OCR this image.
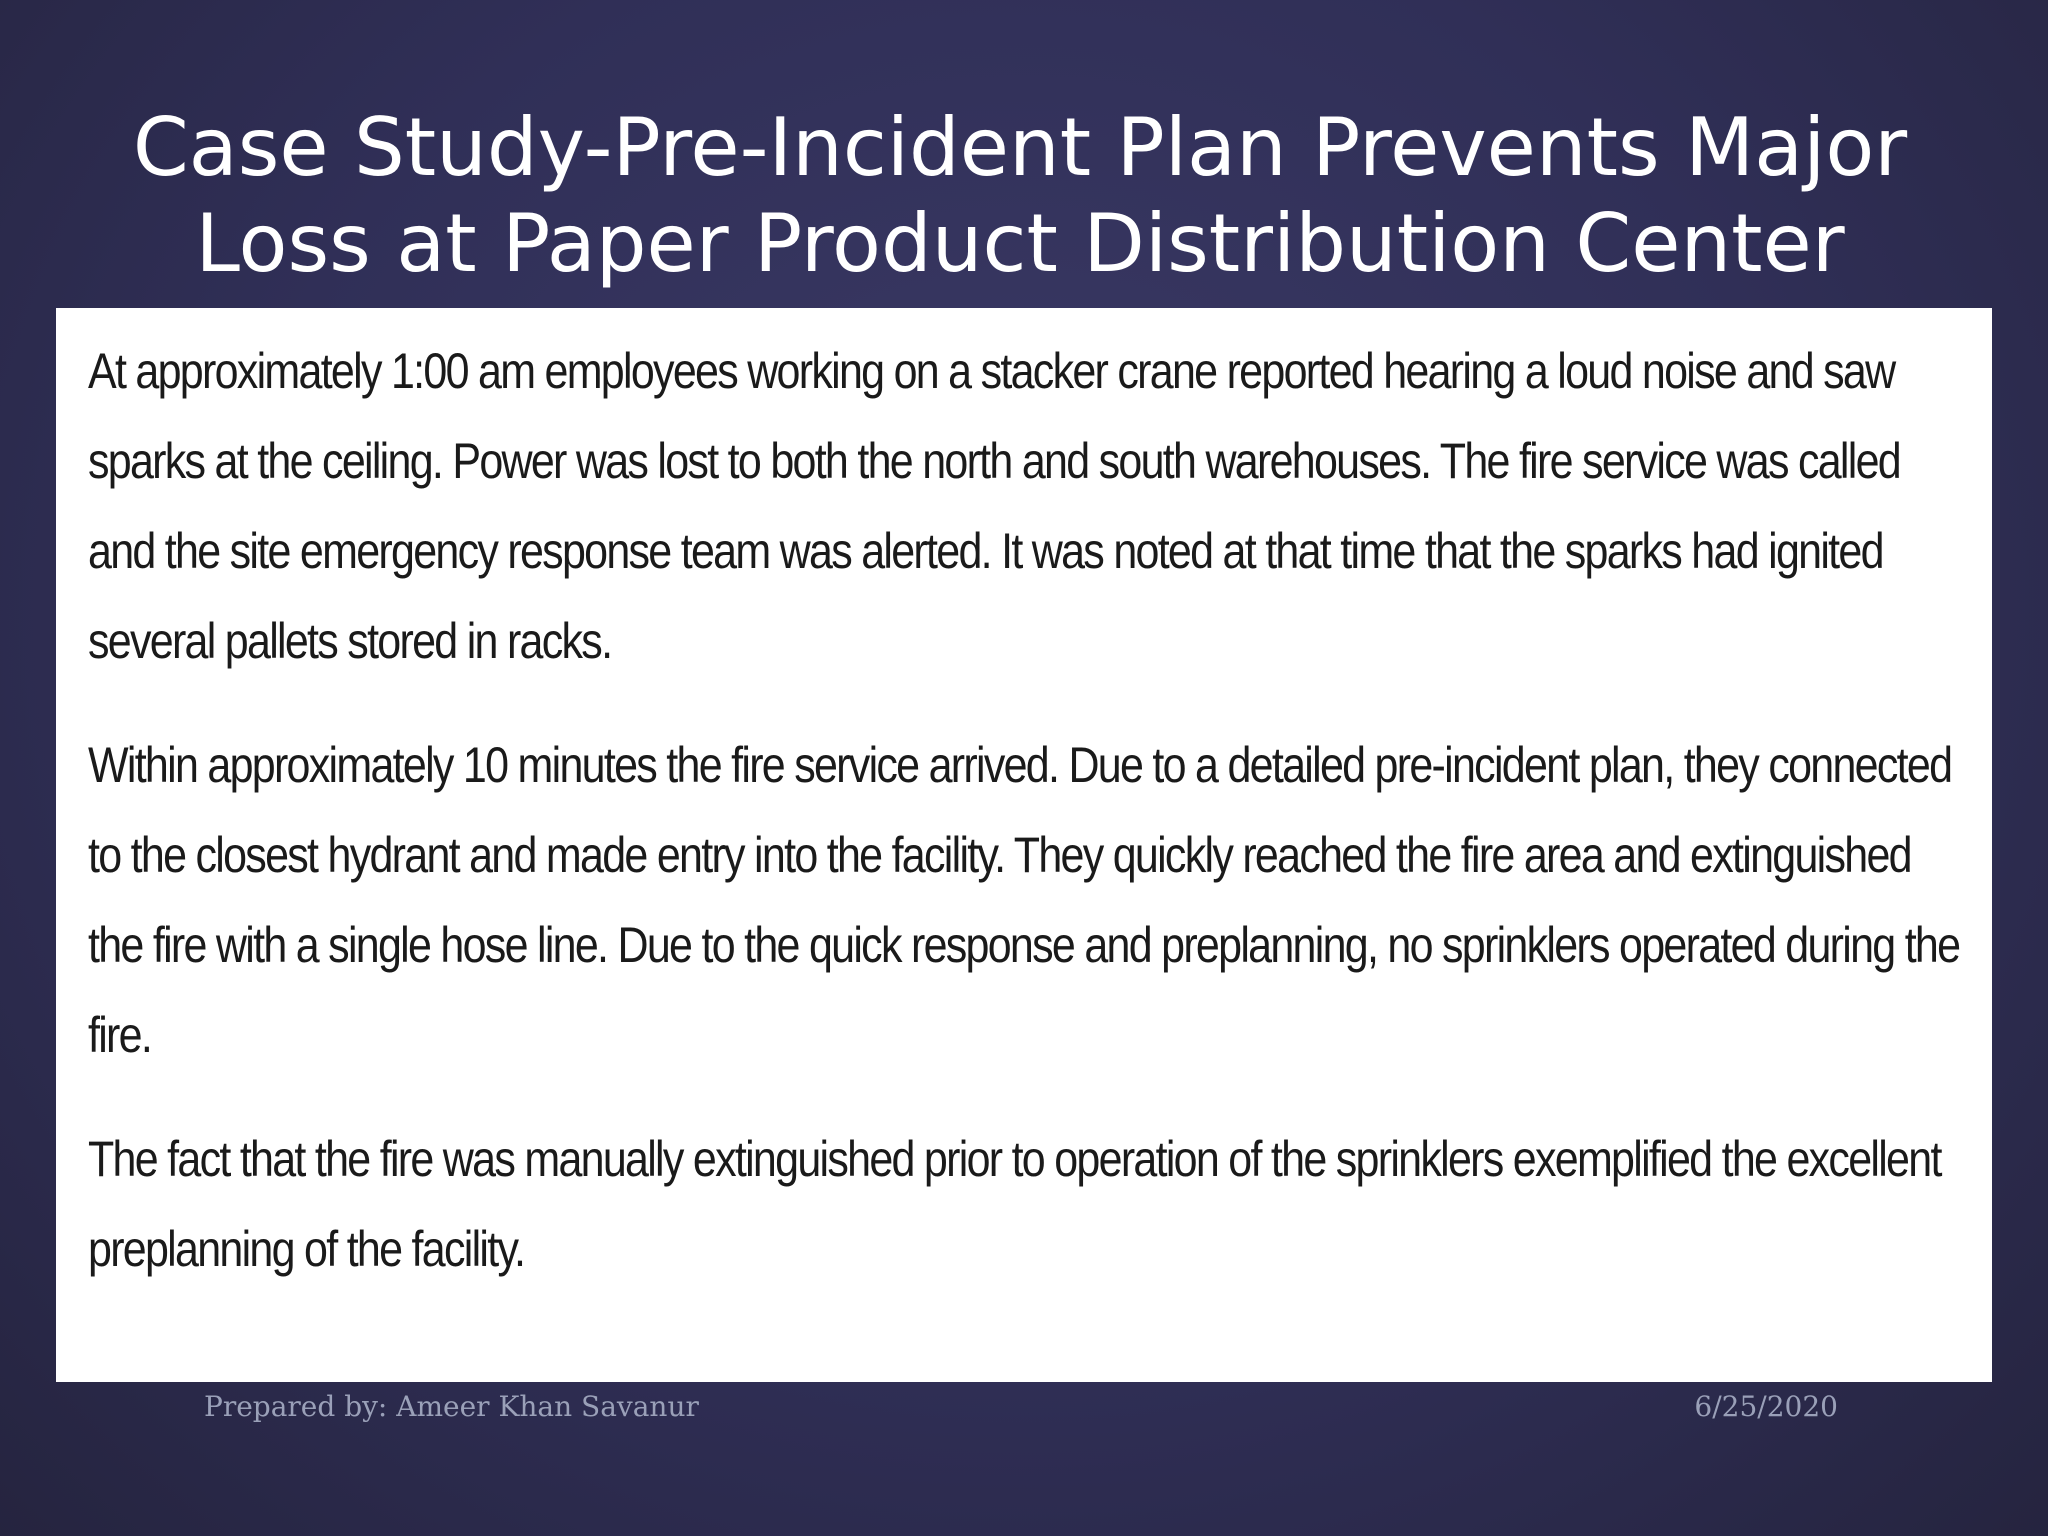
Case Study-Pre-Incident Plan Prevents Major
Loss at Paper Product Distribution Center

At approximately 1:00 am employees working on a stacker crane reported hearing a loud noise and saw sparks at the ceiling. Power was lost to both the north and south warehouses. The fire service was called and the site emergency response team was alerted. It was noted at that time that the sparks had ignited several pallets stored in racks.

Within approximately 10 minutes the fire service arrived. Due to a detailed pre-incident plan, they connected to the closest hydrant and made entry into the facility. They quickly reached the fire area and extinguished the fire with a single hose line. Due to the quick response and preplanning, no sprinklers operated during the fire.

The fact that the fire was manually extinguished prior to operation of the sprinklers exemplified the excellent preplanning of the facility.

Prepared by: Ameer Khan Savanur	6/25/2020
